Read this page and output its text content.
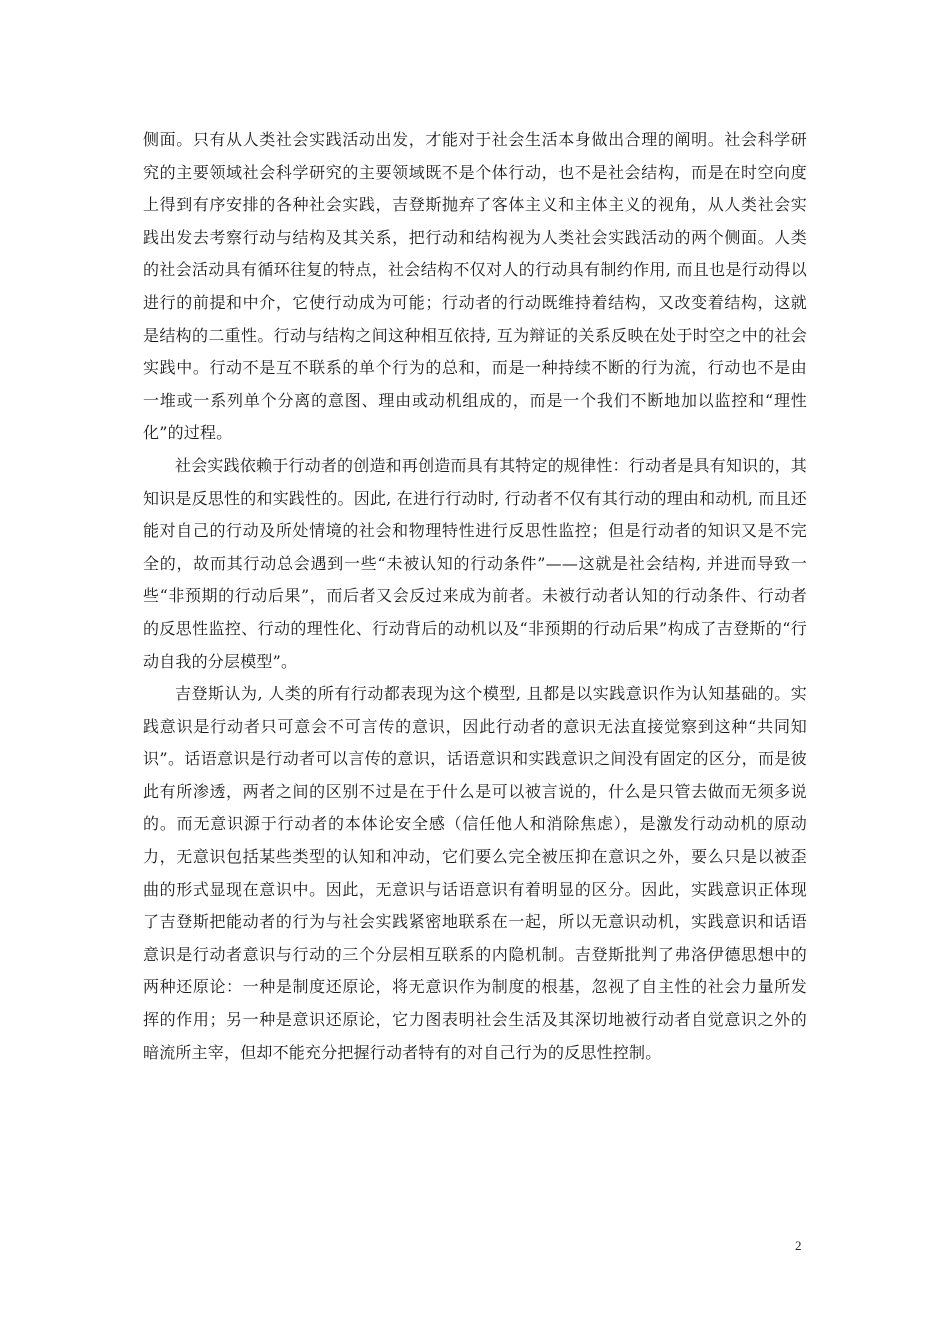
侧面。只有从人类社会实践活动出发，才能对于社会生活本身做出合理的阐明。社会科学研究的主要领域社会科学研究的主要领域既不是个体行动，也不是社会结构，而是在时空向度上得到有序安排的各种社会实践，吉登斯抛弃了客体主义和主体主义的视角，从人类社会实践出发去考察行动与结构及其关系，把行动和结构视为人类社会实践活动的两个侧面。人类的社会活动具有循环往复的特点，社会结构不仅对人的行动具有制约作用, 而且也是行动得以进行的前提和中介，它使行动成为可能；行动者的行动既维持着结构，又改变着结构，这就是结构的二重性。行动与结构之间这种相互依持, 互为辩证的关系反映在处于时空之中的社会实践中。行动不是互不联系的单个行为的总和，而是一种持续不断的行为流，行动也不是由一堆或一系列单个分离的意图、理由或动机组成的，而是一个我们不断地加以监控和“理性化”的过程。

社会实践依赖于行动者的创造和再创造而具有其特定的规律性：行动者是具有知识的，其知识是反思性的和实践性的。因此, 在进行行动时, 行动者不仅有其行动的理由和动机, 而且还能对自己的行动及所处情境的社会和物理特性进行反思性监控；但是行动者的知识又是不完全的，故而其行动总会遇到一些“未被认知的行动条件”——这就是社会结构, 并进而导致一些“非预期的行动后果”，而后者又会反过来成为前者。未被行动者认知的行动条件、行动者的反思性监控、行动的理性化、行动背后的动机以及“非预期的行动后果”构成了吉登斯的“行动自我的分层模型”。

吉登斯认为, 人类的所有行动都表现为这个模型, 且都是以实践意识作为认知基础的。实践意识是行动者只可意会不可言传的意识，因此行动者的意识无法直接觉察到这种“共同知识”。话语意识是行动者可以言传的意识，话语意识和实践意识之间没有固定的区分，而是彼此有所渗透，两者之间的区别不过是在于什么是可以被言说的，什么是只管去做而无须多说的。而无意识源于行动者的本体论安全感（信任他人和消除焦虑），是激发行动动机的原动力，无意识包括某些类型的认知和冲动，它们要么完全被压抑在意识之外，要么只是以被歪曲的形式显现在意识中。因此，无意识与话语意识有着明显的区分。因此，实践意识正体现了吉登斯把能动者的行为与社会实践紧密地联系在一起，所以无意识动机，实践意识和话语意识是行动者意识与行动的三个分层相互联系的内隐机制。吉登斯批判了弗洛伊德思想中的两种还原论：一种是制度还原论，将无意识作为制度的根基，忽视了自主性的社会力量所发挥的作用；另一种是意识还原论，它力图表明社会生活及其深切地被行动者自觉意识之外的暗流所主宰，但却不能充分把握行动者特有的对自己行为的反思性控制。

2
